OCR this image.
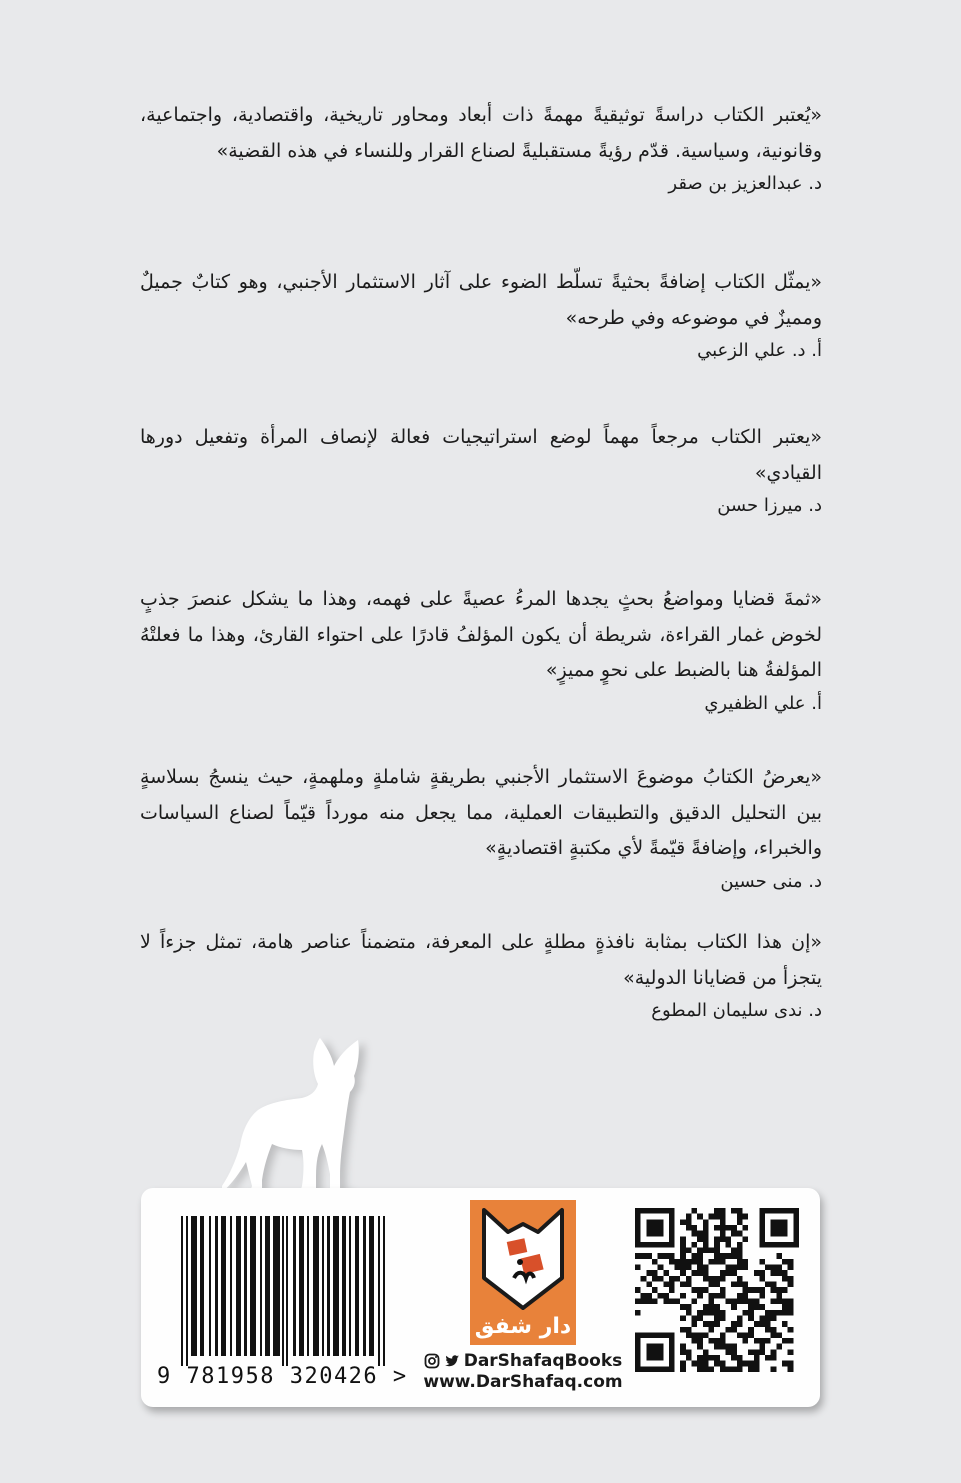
«يُعتبر الكتاب دراسةً توثيقيةً مهمةً ذات أبعاد ومحاور تاريخية، واقتصادية، واجتماعية، وقانونية، وسياسية. قدّم رؤيةً مستقبليةً لصناع القرار وللنساء في هذه القضية»

د. عبدالعزيز بن صقر

«يمثّل الكتاب إضافةً بحثيةً تسلّط الضوء على آثار الاستثمار الأجنبي، وهو كتابٌ جميلٌ ومميزٌ في موضوعه وفي طرحه»

أ. د. علي الزعبي

«يعتبر الكتاب مرجعاً مهماً لوضع استراتيجيات فعالة لإنصاف المرأة وتفعيل دورها القيادي»

د. ميرزا حسن

«ثمةَ قضايا ومواضعُ بحثٍ يجدها المرءُ عصيةً على فهمه، وهذا ما يشكل عنصرَ جذبٍ لخوض غمار القراءة، شريطة أن يكون المؤلفُ قادرًا على احتواء القارئ، وهذا ما فعلتْهُ المؤلفةُ هنا بالضبط على نحوٍ مميزٍ»

أ. علي الظفيري

«يعرضُ الكتابُ موضوعَ الاستثمار الأجنبي بطريقةٍ شاملةٍ وملهمةٍ، حيث ينسجُ بسلاسةٍ بين التحليل الدقيق والتطبيقات العملية، مما يجعل منه مورداً قيّماً لصناع السياسات والخبراء، وإضافةً قيّمةً لأي مكتبةٍ اقتصاديةٍ»

د. منى حسين

«إن هذا الكتاب بمثابة نافذةٍ مطلةٍ على المعرفة، متضمناً عناصر هامة، تمثل جزءاً لا يتجزأ من قضايانا الدولية»

د. ندى سليمان المطوع

9 781958 320426 >
دار شفق
DarShafaqBooks
www.DarShafaq.com
